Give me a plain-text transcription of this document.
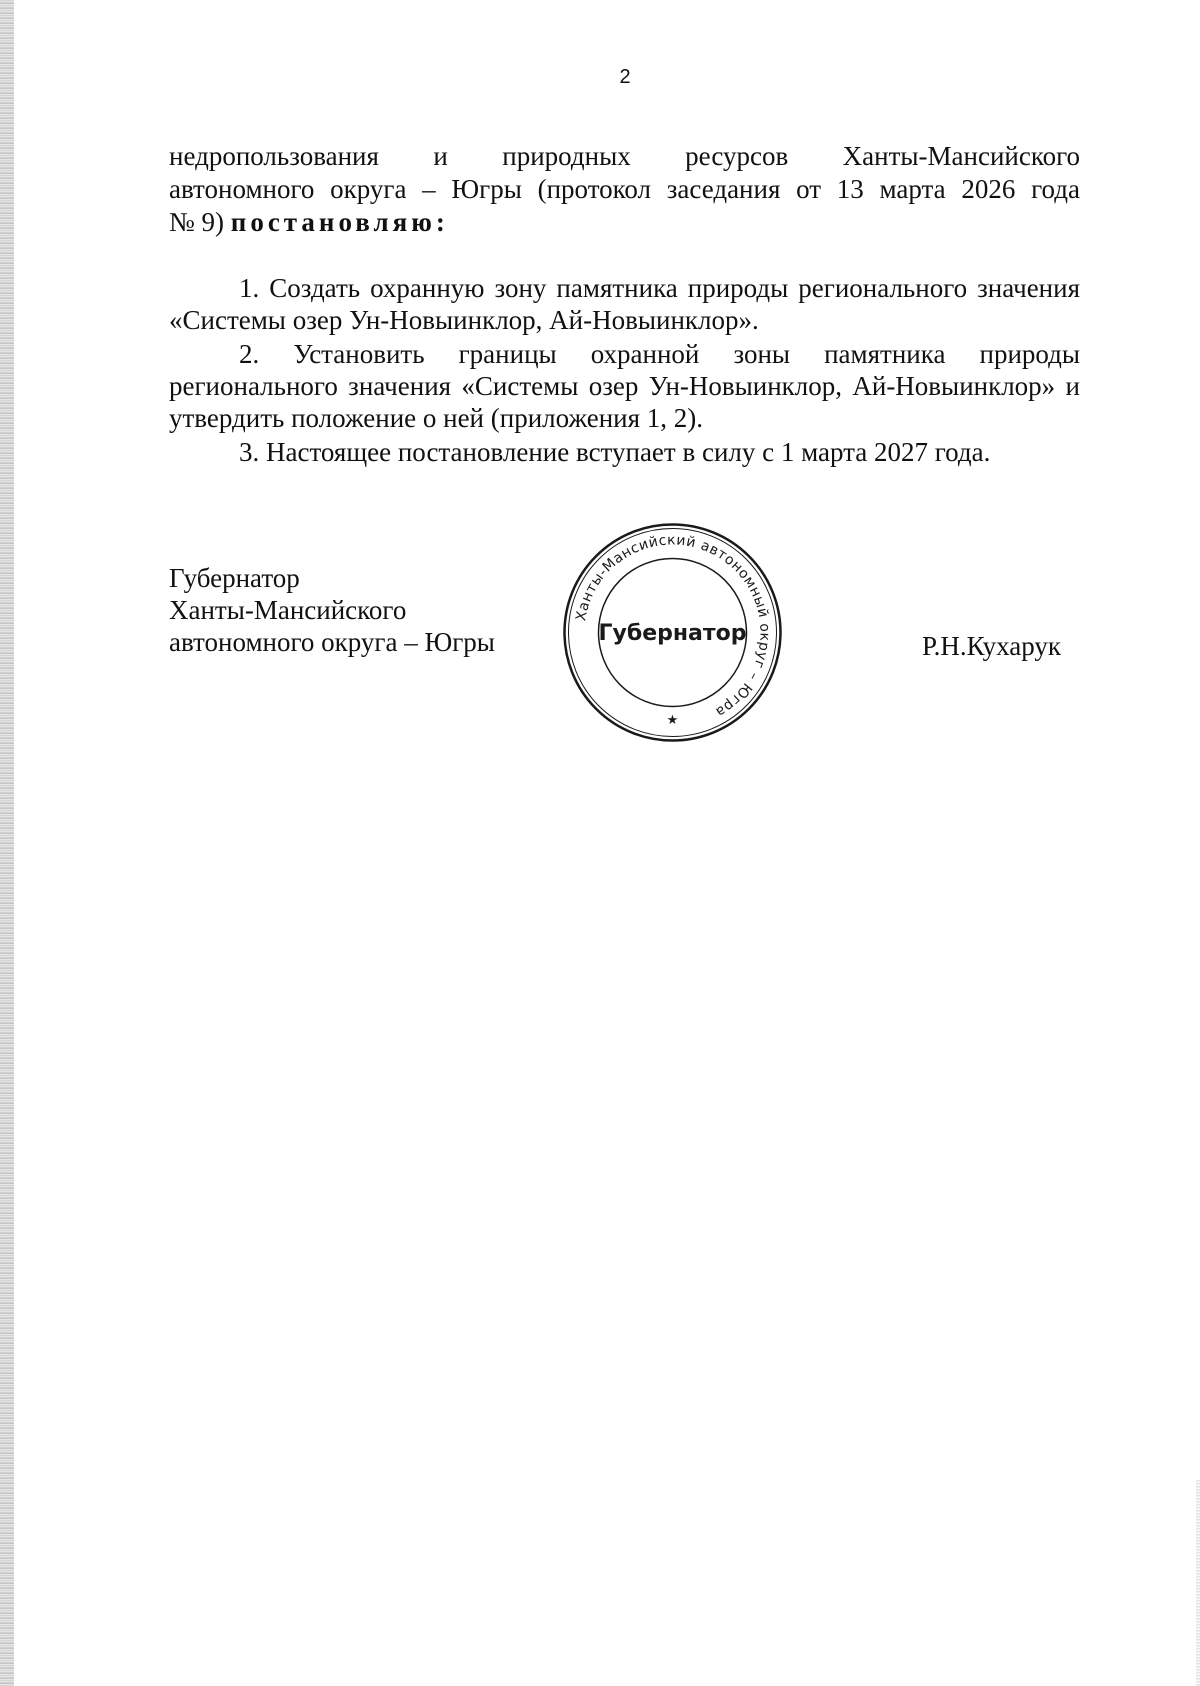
2
недропользования и природных ресурсов Ханты-Мансийского
автономного округа – Югры (протокол заседания от 13 марта 2026 года
№ 9) постановляю:

1. Создать охранную зону памятника природы регионального значения «Системы озер Ун-Новыинклор, Ай-Новыинклор».

2. Установить границы охранной зоны памятника природы регионального значения «Системы озер Ун-Новыинклор, Ай-Новыинклор» и утвердить положение о ней (приложения 1, 2).

3. Настоящее постановление вступает в силу с 1 марта 2027 года.

Губернатор
Ханты-Мансийского
автономного округа – Югры	Р.Н.Кухарук
Ханты-Мансийский автономный округ – Югра
Губернатор
★
